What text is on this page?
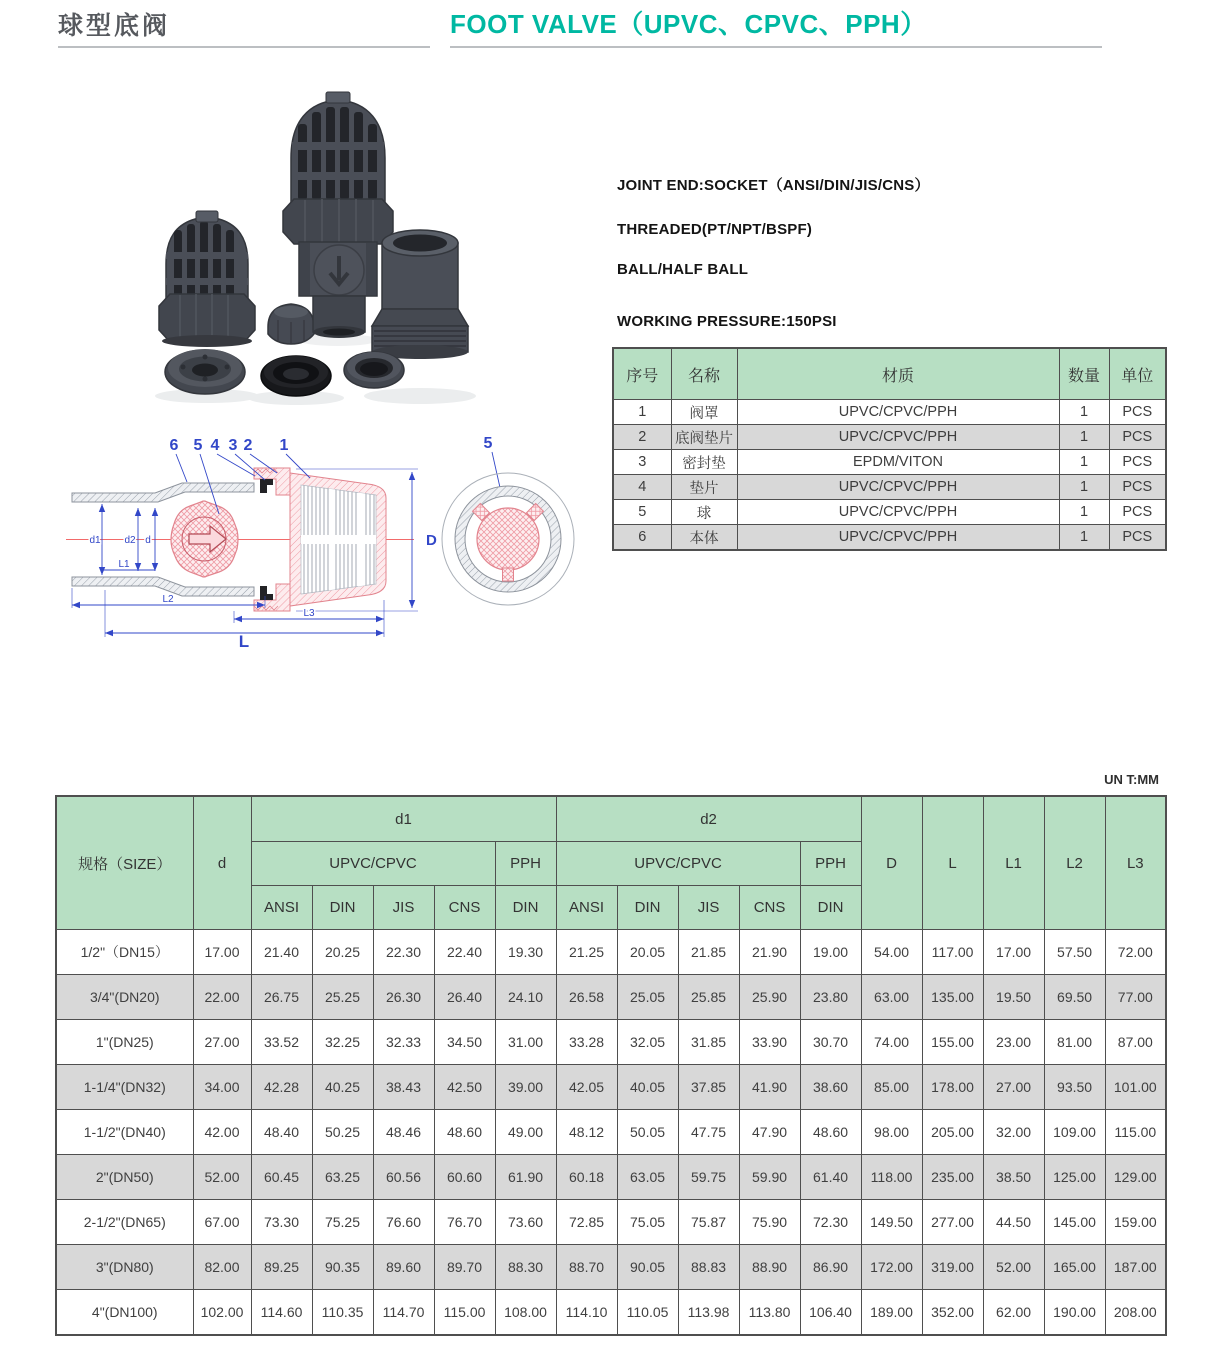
球型底阀	FOOT VALVE（UPVC、CPVC、PPH）
JOINT END:SOCKET（ANSI/DIN/JIS/CNS）
THREADED(PT/NPT/BSPF)
BALL/HALF BALL
WORKING PRESSURE:150PSI
序号	名称	材质	数量	单位
1	阀罩	UPVC/CPVC/PPH	1	PCS
2	底阀垫片	UPVC/CPVC/PPH	1	PCS
3	密封垫	EPDM/VITON	1	PCS
4	垫片	UPVC/CPVC/PPH	1	PCS
5	球	UPVC/CPVC/PPH	1	PCS
6	本体	UPVC/CPVC/PPH	1	PCS
6 5 4 3 2 1	5
d1 d2 d
L1
L2
L3
L
D
UN T:MM
规格（SIZE）	d	d1					d2					D	L	L1	L2	L3
		UPVC/CPVC				PPH	UPVC/CPVC				PPH					
		ANSI	DIN	JIS	CNS	DIN	ANSI	DIN	JIS	CNS	DIN					
1/2"（DN15）	17.00	21.40	20.25	22.30	22.40	19.30	21.25	20.05	21.85	21.90	19.00	54.00	117.00	17.00	57.50	72.00
3/4"(DN20)	22.00	26.75	25.25	26.30	26.40	24.10	26.58	25.05	25.85	25.90	23.80	63.00	135.00	19.50	69.50	77.00
1"(DN25)	27.00	33.52	32.25	32.33	34.50	31.00	33.28	32.05	31.85	33.90	30.70	74.00	155.00	23.00	81.00	87.00
1-1/4"(DN32)	34.00	42.28	40.25	38.43	42.50	39.00	42.05	40.05	37.85	41.90	38.60	85.00	178.00	27.00	93.50	101.00
1-1/2"(DN40)	42.00	48.40	50.25	48.46	48.60	49.00	48.12	50.05	47.75	47.90	48.60	98.00	205.00	32.00	109.00	115.00
2"(DN50)	52.00	60.45	63.25	60.56	60.60	61.90	60.18	63.05	59.75	59.90	61.40	118.00	235.00	38.50	125.00	129.00
2-1/2"(DN65)	67.00	73.30	75.25	76.60	76.70	73.60	72.85	75.05	75.87	75.90	72.30	149.50	277.00	44.50	145.00	159.00
3"(DN80)	82.00	89.25	90.35	89.60	89.70	88.30	88.70	90.05	88.83	88.90	86.90	172.00	319.00	52.00	165.00	187.00
4"(DN100)	102.00	114.60	110.35	114.70	115.00	108.00	114.10	110.05	113.98	113.80	106.40	189.00	352.00	62.00	190.00	208.00
